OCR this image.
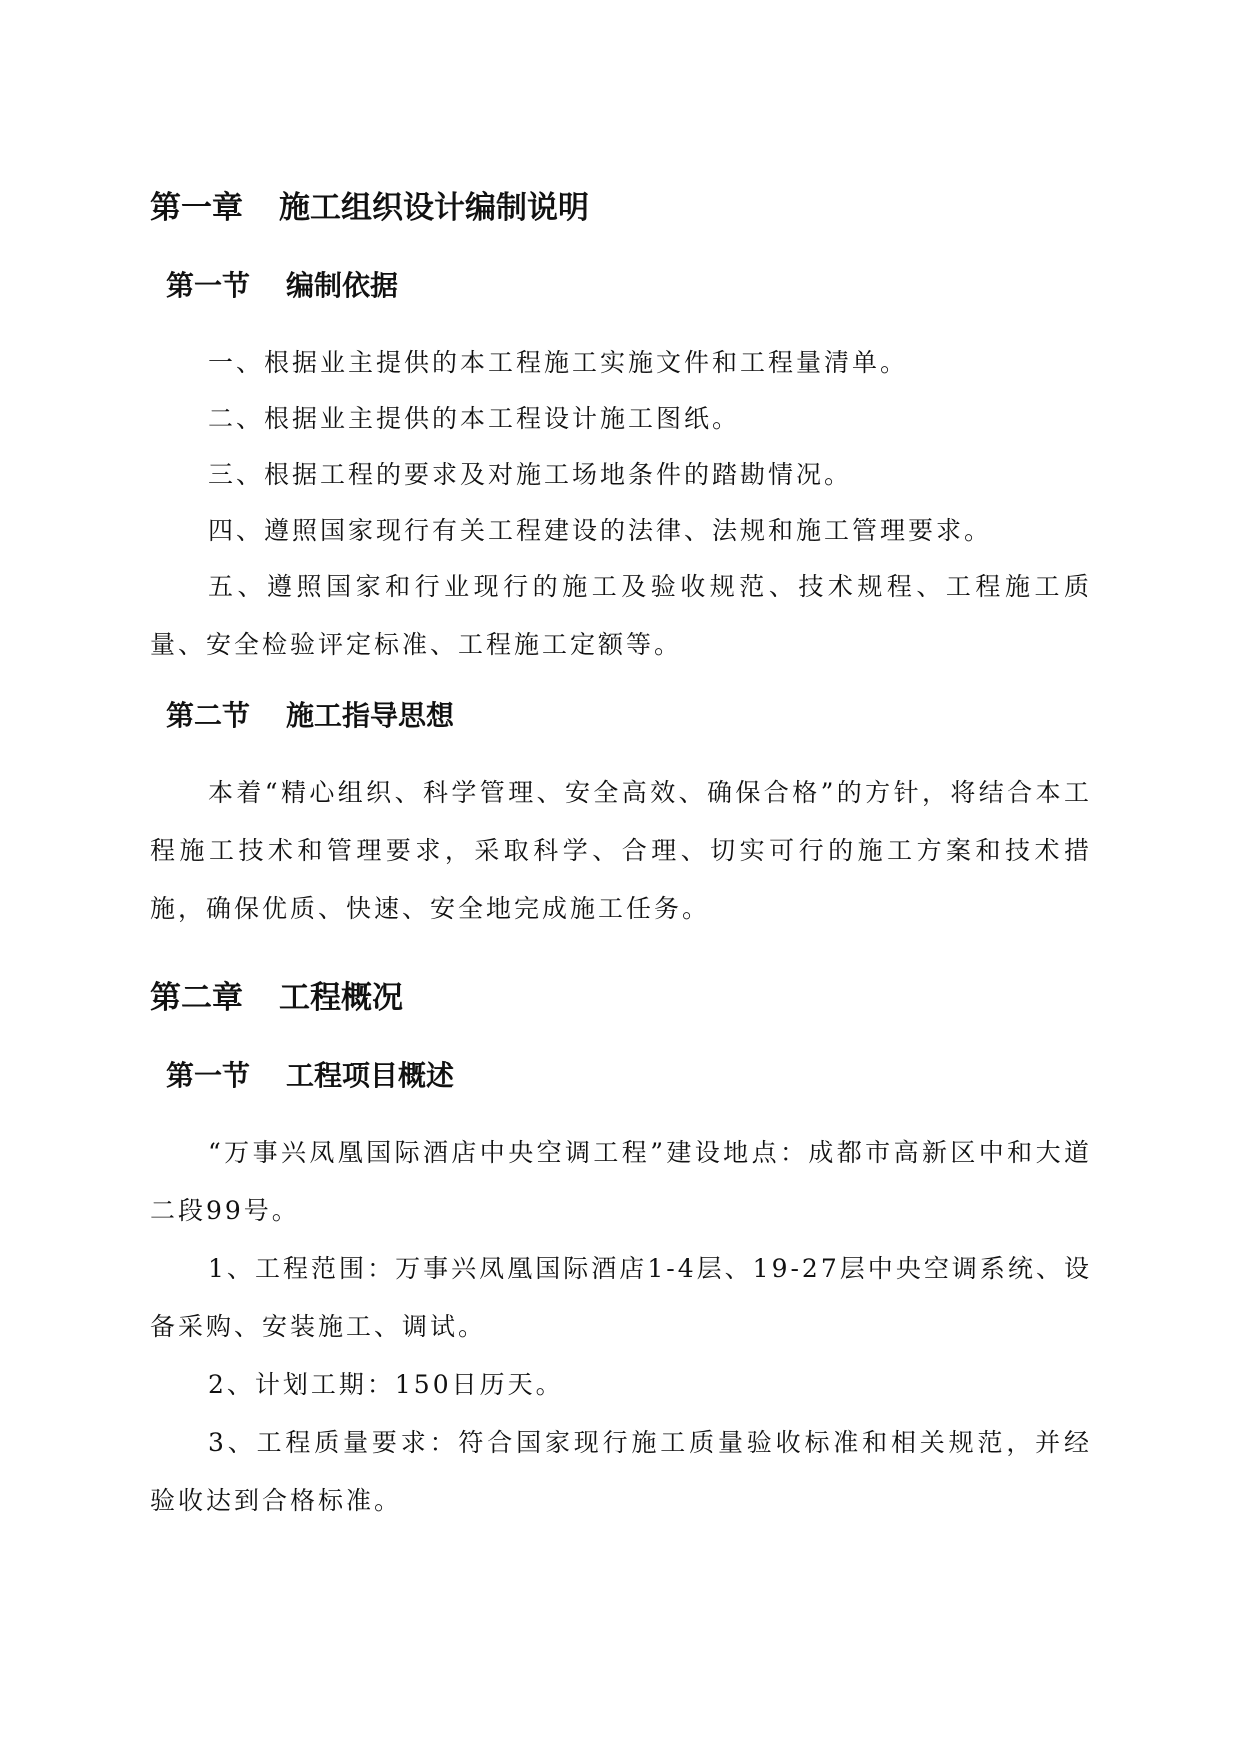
第一章 施工组织设计编制说明
第一节 编制依据

一、根据业主提供的本工程施工实施文件和工程量清单。

二、根据业主提供的本工程设计施工图纸。

三、根据工程的要求及对施工场地条件的踏勘情况。

四、遵照国家现行有关工程建设的法律、法规和施工管理要求。

五、遵照国家和行业现行的施工及验收规范、技术规程、工程施工质量、安全检验评定标准、工程施工定额等。

第二节 施工指导思想

本着“精心组织、科学管理、安全高效、确保合格”的方针，将结合本工程施工技术和管理要求，采取科学、合理、切实可行的施工方案和技术措施，确保优质、快速、安全地完成施工任务。

第二章 工程概况
第一节 工程项目概述

“万事兴凤凰国际酒店中央空调工程”建设地点：成都市高新区中和大道二段99号。

1、工程范围：万事兴凤凰国际酒店1-4层、19-27层中央空调系统、设备采购、安装施工、调试。

2、计划工期：150日历天。

3、工程质量要求：符合国家现行施工质量验收标准和相关规范，并经验收达到合格标准。
